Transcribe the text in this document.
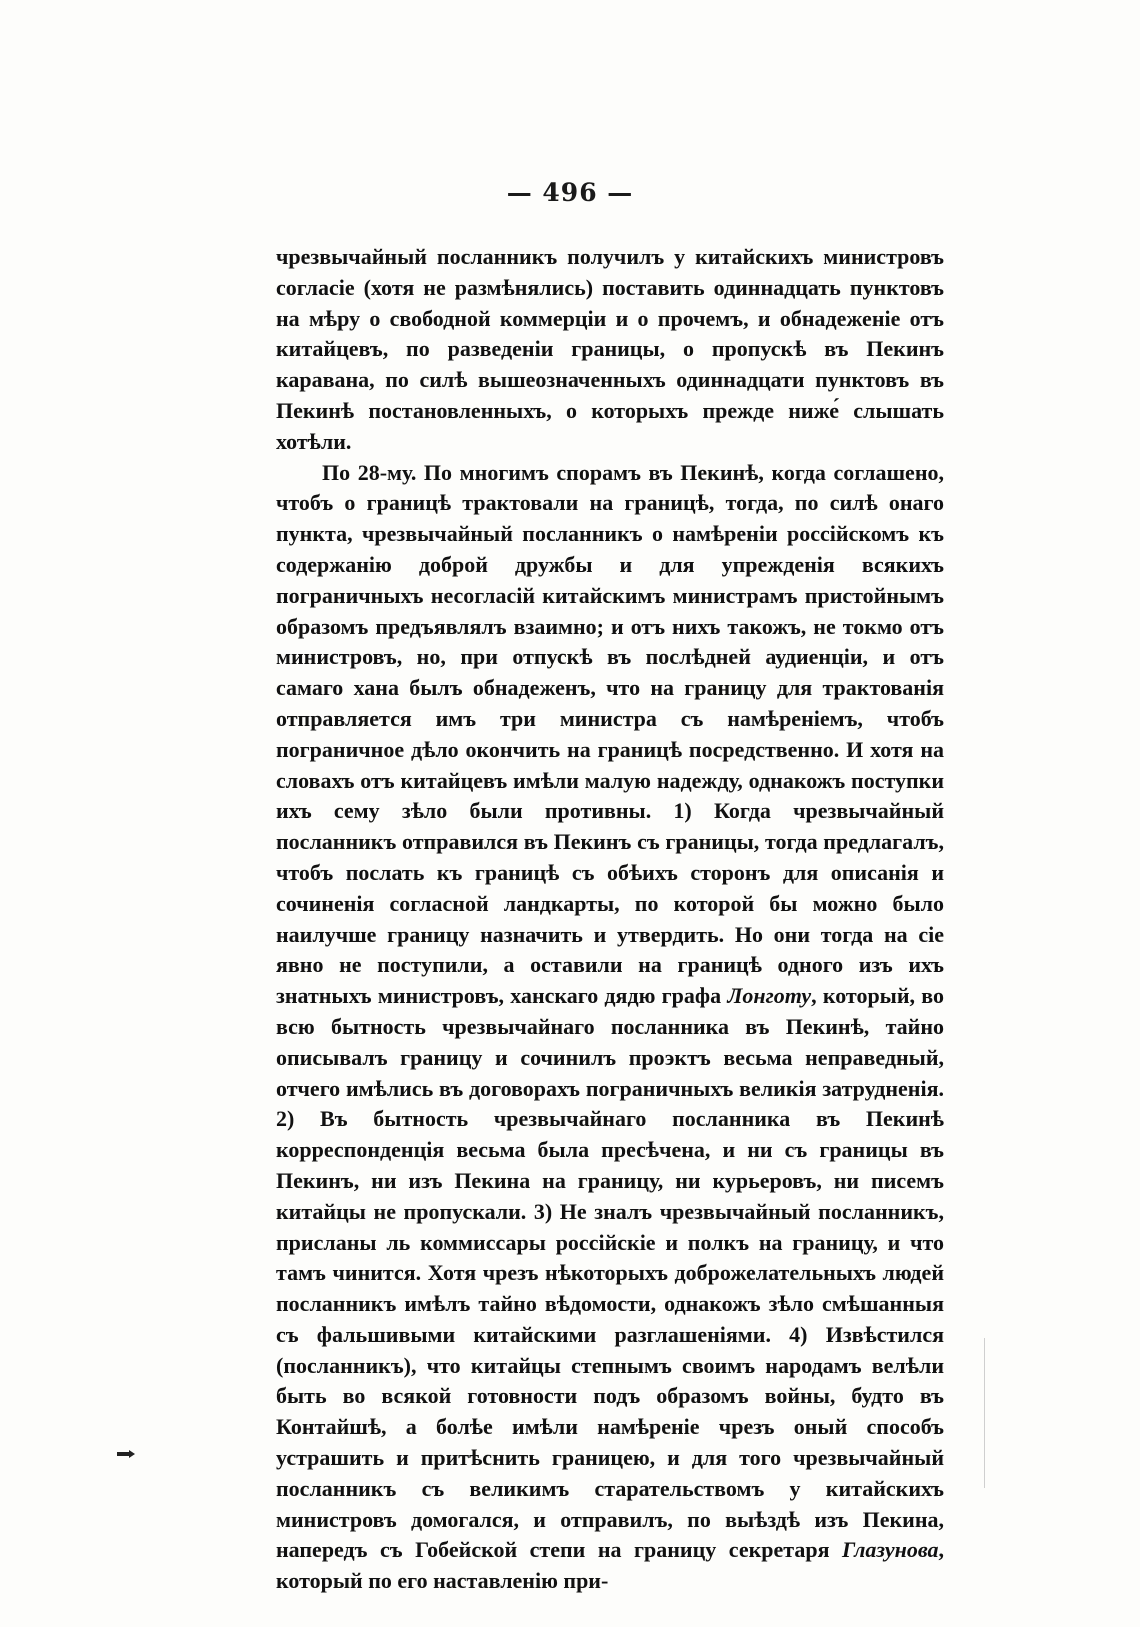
— 496 —

чрезвычайный посланникъ получилъ у китайскихъ министровъ согласіе (хотя не размѣнялись) поставить одиннадцать пунктовъ на мѣру о свободной коммерціи и о прочемъ, и обнадеженіе отъ китайцевъ, по разведеніи границы, о пропускѣ въ Пекинъ каравана, по силѣ вышеозначенныхъ одиннадцати пунктовъ въ Пекинѣ постановленныхъ, о которыхъ прежде ниже́ слышать хотѣли.

По 28-му. По многимъ спорамъ въ Пекинѣ, когда соглашено, чтобъ о границѣ трактовали на границѣ, тогда, по силѣ онаго пункта, чрезвычайный посланникъ о намѣреніи россійскомъ къ содержанію доброй дружбы и для упрежденія всякихъ пограничныхъ несогласій китайскимъ министрамъ пристойнымъ образомъ предъявлялъ взаимно; и отъ нихъ такожъ, не токмо отъ министровъ, но, при отпускѣ въ послѣдней аудиенціи, и отъ самаго хана былъ обнадеженъ, что на границу для трактованія отправляется имъ три министра съ намѣреніемъ, чтобъ пограничное дѣло окончить на границѣ посредственно. И хотя на словахъ отъ китайцевъ имѣли малую надежду, однакожъ поступки ихъ сему зѣло были противны. 1) Когда чрезвычайный посланникъ отправился въ Пекинъ съ границы, тогда предлагалъ, чтобъ послать къ границѣ съ обѣихъ сторонъ для описанія и сочиненія согласной ландкарты, по которой бы можно было наилучше границу назначить и утвердить. Но они тогда на сіе явно не поступили, а оставили на границѣ одного изъ ихъ знатныхъ министровъ, ханскаго дядю графа Лонготу, который, во всю бытность чрезвычайнаго посланника въ Пекинѣ, тайно описывалъ границу и сочинилъ проэктъ весьма неправедный, отчего имѣлись въ договорахъ пограничныхъ великія затрудненія. 2) Въ бытность чрезвычайнаго посланника въ Пекинѣ корреспонденція весьма была пресѣчена, и ни съ границы въ Пекинъ, ни изъ Пекина на границу, ни курьеровъ, ни писемъ китайцы не пропускали. 3) Не зналъ чрезвычайный посланникъ, присланы ль коммиссары россійскіе и полкъ на границу, и что тамъ чинится. Хотя чрезъ нѣкоторыхъ доброжелательныхъ людей посланникъ имѣлъ тайно вѣдомости, однакожъ зѣло смѣшанныя съ фальшивыми китайскими разглашеніями. 4) Извѣстился (посланникъ), что китайцы степнымъ своимъ народамъ велѣли быть во всякой готовности подъ образомъ войны, будто въ Контайшѣ, а болѣе имѣли намѣреніе чрезъ оный способъ устрашить и притѣснить границею, и для того чрезвычайный посланникъ съ великимъ старательствомъ у китайскихъ министровъ домогался, и отправилъ, по выѣздѣ изъ Пекина, напередъ съ Гобейской степи на границу секретаря Глазунова, который по его наставленію при-
